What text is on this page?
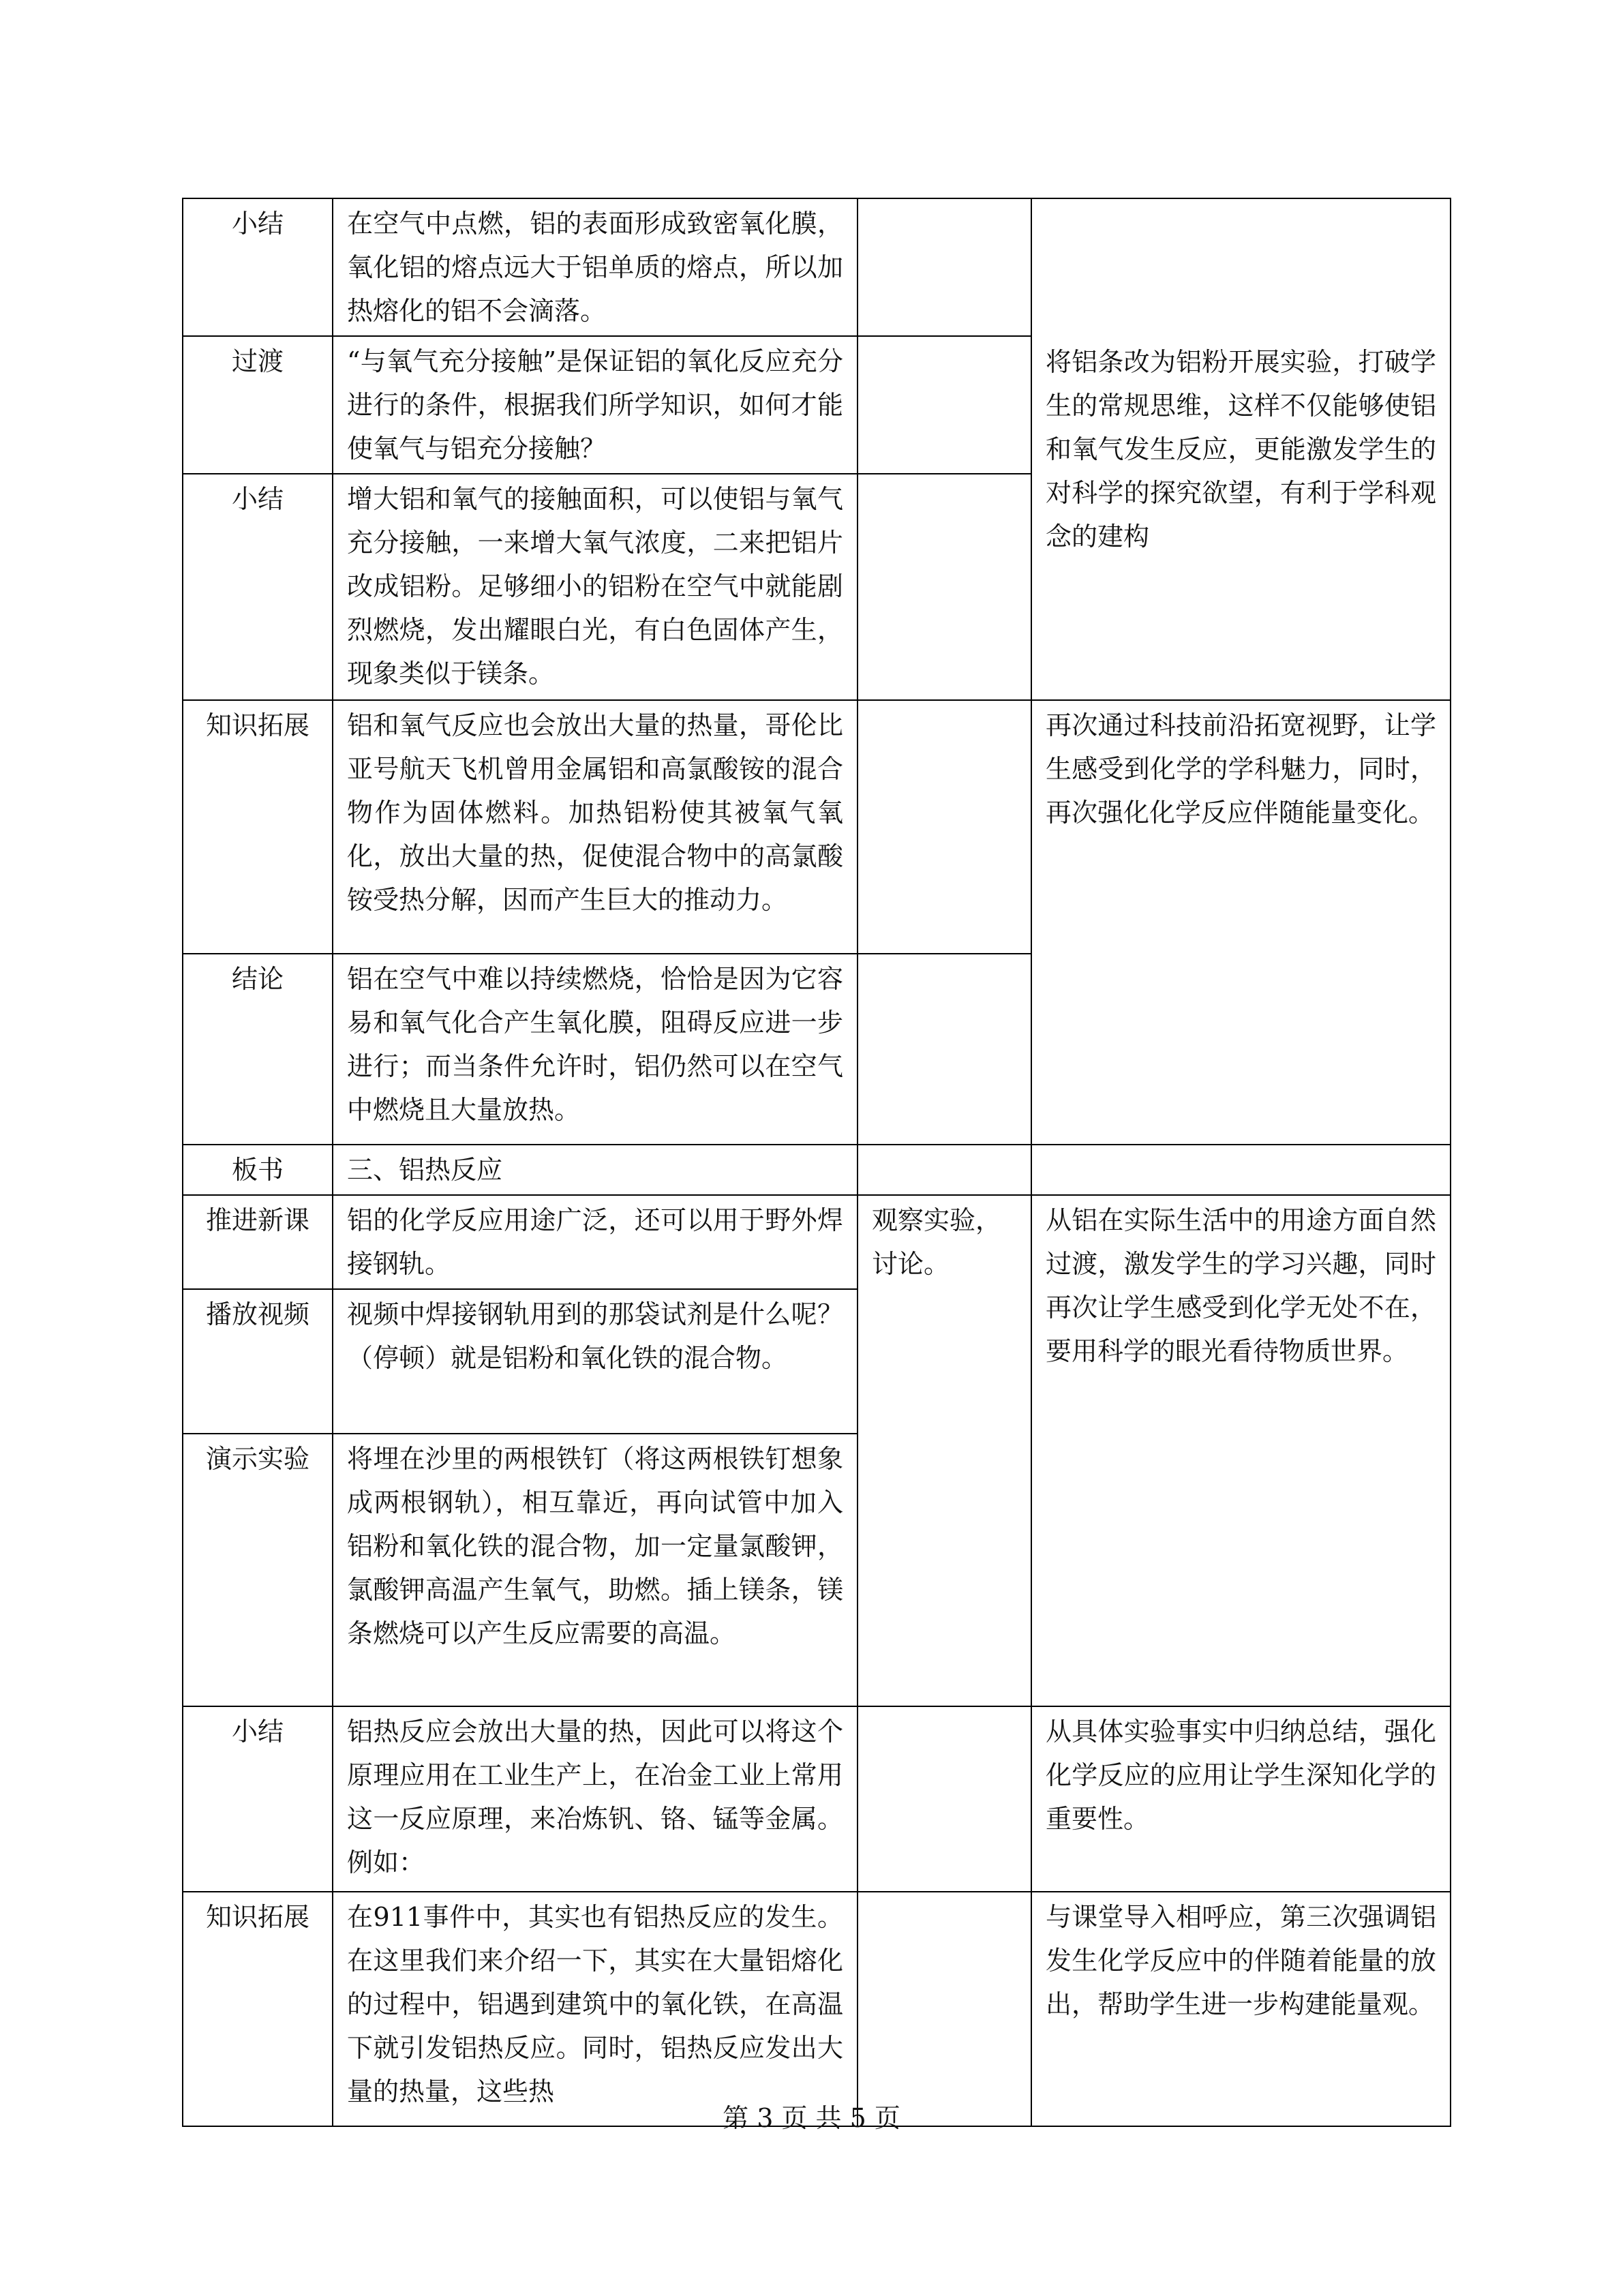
小结	在空气中点燃，铝的表面形成致密氧化膜，氧化铝的熔点远大于铝单质的熔点，所以加热熔化的铝不会滴落。		将铝条改为铝粉开展实验，打破学生的常规思维，这样不仅能够使铝和氧气发生反应，更能激发学生的对科学的探究欲望，有利于学科观念的建构
过渡	“与氧气充分接触”是保证铝的氧化反应充分进行的条件，根据我们所学知识，如何才能使氧气与铝充分接触？		
小结	增大铝和氧气的接触面积，可以使铝与氧气充分接触，一来增大氧气浓度，二来把铝片改成铝粉。足够细小的铝粉在空气中就能剧烈燃烧，发出耀眼白光，有白色固体产生，现象类似于镁条。		
知识拓展	铝和氧气反应也会放出大量的热量，哥伦比亚号航天飞机曾用金属铝和高氯酸铵的混合物作为固体燃料。加热铝粉使其被氧气氧化，放出大量的热，促使混合物中的高氯酸铵受热分解，因而产生巨大的推动力。		再次通过科技前沿拓宽视野，让学生感受到化学的学科魅力，同时，再次强化化学反应伴随能量变化。
结论	铝在空气中难以持续燃烧，恰恰是因为它容易和氧气化合产生氧化膜，阻碍反应进一步进行；而当条件允许时，铝仍然可以在空气中燃烧且大量放热。		
板书	三、铝热反应		
推进新课	铝的化学反应用途广泛，还可以用于野外焊接钢轨。	观察实验，讨论。	从铝在实际生活中的用途方面自然过渡，激发学生的学习兴趣，同时再次让学生感受到化学无处不在，要用科学的眼光看待物质世界。
播放视频	视频中焊接钢轨用到的那袋试剂是什么呢？（停顿）就是铝粉和氧化铁的混合物。		
演示实验	将埋在沙里的两根铁钉（将这两根铁钉想象成两根钢轨），相互靠近，再向试管中加入铝粉和氧化铁的混合物，加一定量氯酸钾，氯酸钾高温产生氧气，助燃。插上镁条，镁条燃烧可以产生反应需要的高温。		
小结	铝热反应会放出大量的热，因此可以将这个原理应用在工业生产上，在冶金工业上常用这一反应原理，来冶炼钒、铬、锰等金属。例如：		从具体实验事实中归纳总结，强化化学反应的应用让学生深知化学的重要性。
知识拓展	在911事件中，其实也有铝热反应的发生。在这里我们来介绍一下，其实在大量铝熔化的过程中，铝遇到建筑中的氧化铁，在高温下就引发铝热反应。同时，铝热反应发出大量的热量，这些热		与课堂导入相呼应，第三次强调铝发生化学反应中的伴随着能量的放出，帮助学生进一步构建能量观。
第 3 页 共 5 页
